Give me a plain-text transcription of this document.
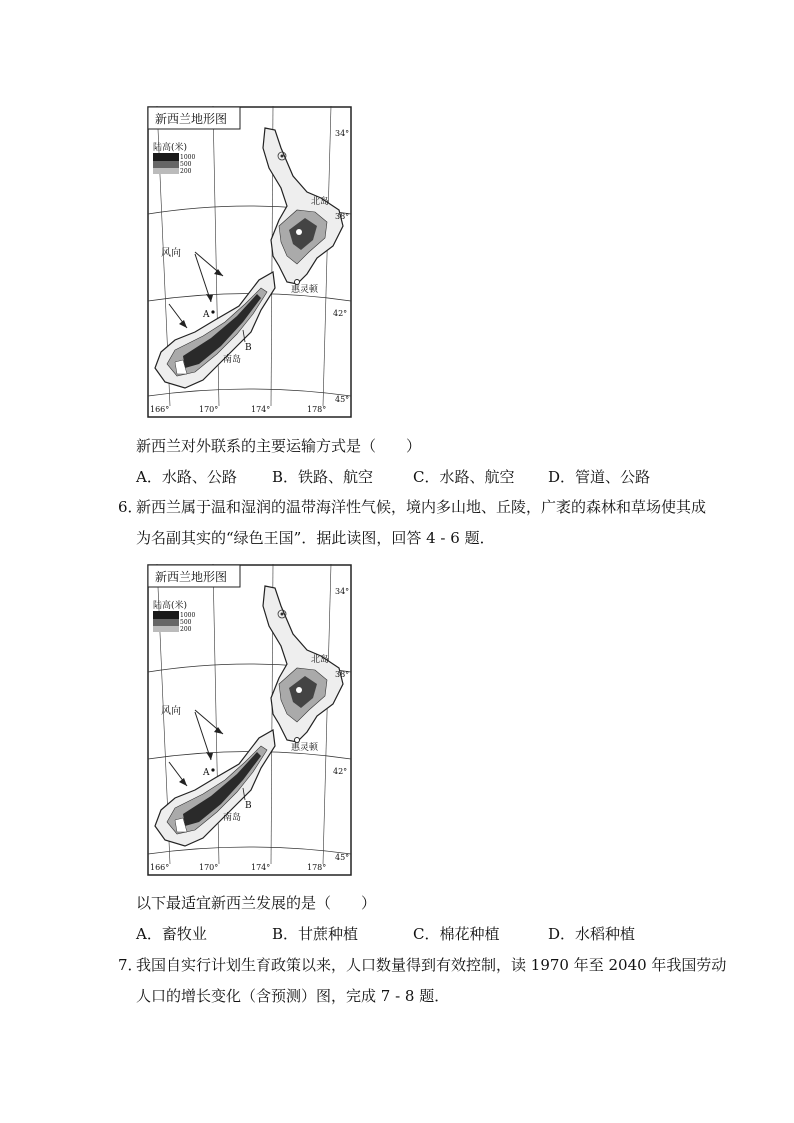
新西兰地形图
陆高(米)
1000
500
200
风向
A
B
南岛
北岛
惠灵顿
34°
38°
42°
45°
166°	170°	174°	178°
新西兰对外联系的主要运输方式是（　　）
A．水路、公路 B．铁路、航空	C．水路、航空 D．管道、公路
6．
新西兰属于温和湿润的温带海洋性气候，境内多山地、丘陵，广袤的森林和草场使其成
为名副其实的“绿色王国”．据此读图，回答 4 - 6 题．
新西兰地形图
陆高(米)
1000
500
200
风向
A
B
南岛
北岛
惠灵顿
34°
38°
42°
45°
166°	170°	174°	178°
以下最适宜新西兰发展的是（　　）
A．畜牧业	B．甘蔗种植	C．棉花种植	D．水稻种植
7．
我国自实行计划生育政策以来，人口数量得到有效控制，读 1970 年至 2040 年我国劳动
人口的增长变化（含预测）图，完成 7 - 8 题．
